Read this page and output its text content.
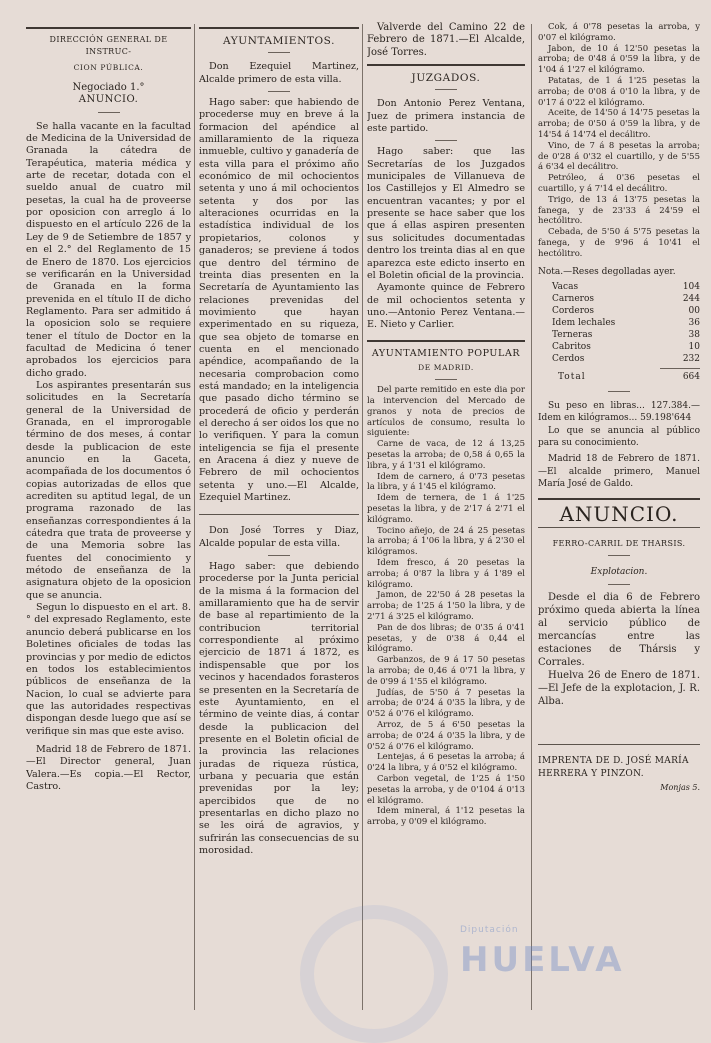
DIRECCIÓN GENERAL DE INSTRUC-
CION PÚBLICA.
Negociado 1.°
ANUNCIO.

Se halla vacante en la facultad de Medicina de la Universidad de Granada la cátedra de Terapéutica, materia médica y arte de recetar, dotada con el sueldo anual de cuatro mil pesetas, la cual ha de proveerse por oposicion con arreglo á lo dispuesto en el artículo 226 de la Ley de 9 de Setiembre de 1857 y en el 2.° del Reglamento de 15 de Enero de 1870. Los ejercicios se verificarán en la Universidad de Granada en la forma prevenida en el título II de dicho Reglamento. Para ser admitido á la oposicion solo se requiere tener el título de Doctor en la facultad de Medicina ó tener aprobados los ejercicios para dicho grado.

Los aspirantes presentarán sus solicitudes en la Secretaría general de la Universidad de Granada, en el improrogable término de dos meses, á contar desde la publicacion de este anuncio en la Gaceta, acompañada de los documentos ó copias autorizadas de ellos que acrediten su aptitud legal, de un programa razonado de las enseñanzas correspondientes á la cátedra que trata de proveerse y de una Memoria sobre las fuentes del conocimiento y método de enseñanza de la asignatura objeto de la oposicion que se anuncia.

Segun lo dispuesto en el art. 8.° del expresado Reglamento, este anuncio deberá publicarse en los Boletines oficiales de todas las provincias y por medio de edictos en todos los establecimientos públicos de enseñanza de la Nacion, lo cual se advierte para que las autoridades respectivas dispongan desde luego que así se verifique sin mas que este aviso.

Madrid 18 de Febrero de 1871.—El Director general, Juan Valera.—Es copia.—El Rector, Castro.

AYUNTAMIENTOS.

Don Ezequiel Martinez, Alcalde primero de esta villa.

Hago saber: que habiendo de procederse muy en breve á la formacion del apéndice al amillaramiento de la riqueza inmueble, cultivo y ganadería de esta villa para el próximo año económico de mil ochocientos setenta y uno á mil ochocientos setenta y dos por las alteraciones ocurridas en la estadística individual de los propietarios, colonos y ganaderos; se previene á todos que dentro del término de treinta dias presenten en la Secretaría de Ayuntamiento las relaciones prevenidas del movimiento que hayan experimentado en su riqueza, que sea objeto de tomarse en cuenta en el mencionado apéndice, acompañando de la necesaria comprobacion como está mandado; en la inteligencia que pasado dicho término se procederá de oficio y perderán el derecho á ser oidos los que no lo verifiquen. Y para la comun inteligencia se fija el presente en Aracena á diez y nueve de Febrero de mil ochocientos setenta y uno.—El Alcalde, Ezequiel Martinez.

Don José Torres y Diaz, Alcalde popular de esta villa.

Hago saber: que debiendo procederse por la Junta pericial de la misma á la formacion del amillaramiento que ha de servir de base al repartimiento de la contribucion territorial correspondiente al próximo ejercicio de 1871 á 1872, es indispensable que por los vecinos y hacendados forasteros se presenten en la Secretaría de este Ayuntamiento, en el término de veinte dias, á contar desde la publicacion del presente en el Boletin oficial de la provincia las relaciones juradas de riqueza rústica, urbana y pecuaria que están prevenidas por la ley; apercibidos que de no presentarlas en dicho plazo no se les oirá de agravios, y sufrirán las consecuencias de su morosidad.

Valverde del Camino 22 de Febrero de 1871.—El Alcalde, José Torres.

JUZGADOS.

Don Antonio Perez Ventana, Juez de primera instancia de este partido.

Hago saber: que las Secretarías de los Juzgados municipales de Villanueva de los Castillejos y El Almedro se encuentran vacantes; y por el presente se hace saber que los que á ellas aspiren presenten sus solicitudes documentadas dentro los treinta dias al en que aparezca este edicto inserto en el Boletin oficial de la provincia.

Ayamonte quince de Febrero de mil ochocientos setenta y uno.—Antonio Perez Ventana.—E. Nieto y Carlier.

AYUNTAMIENTO POPULAR
DE MADRID.

Del parte remitido en este dia por la intervencion del Mercado de granos y nota de precios de artículos de consumo, resulta lo siguiente:

Carne de vaca, de 12 á 13,25 pesetas la arroba; de 0,58 á 0,65 la libra, y á 1'31 el kilógramo.

Idem de carnero, á 0'73 pesetas la libra, y á 1'45 el kilógramo.

Idem de ternera, de 1 á 1'25 pesetas la libra, y de 2'17 á 2'71 el kilógramo.

Tocino añejo, de 24 á 25 pesetas la arroba; á 1'06 la libra, y á 2'30 el kilógramos.

Idem fresco, á 20 pesetas la arroba; á 0'87 la libra y á 1'89 el kilógramo.

Jamon, de 22'50 á 28 pesetas la arroba; de 1'25 á 1'50 la libra, y de 2'71 á 3'25 el kilógramo.

Pan de dos libras; de 0'35 á 0'41 pesetas, y de 0'38 á 0,44 el kilógramo.

Garbanzos, de 9 á 17 50 pesetas la arroba; de 0,46 á 0'71 la libra, y de 0'99 á 1'55 el kilógramo.

Judías, de 5'50 á 7 pesetas la arroba; de 0'24 á 0'35 la libra, y de 0'52 á 0'76 el kilógramo.

Arroz, de 5 á 6'50 pesetas la arroba; de 0'24 á 0'35 la libra, y de 0'52 á 0'76 el kilógramo.

Lentejas, á 6 pesetas la arroba; á 0'24 la libra, y á 0'52 el kilógramo.

Carbon vegetal, de 1'25 á 1'50 pesetas la arroba, y de 0'104 á 0'13 el kilógramo.

Idem mineral, á 1'12 pesetas la arroba, y 0'09 el kilógramo.

Cok, á 0'78 pesetas la arroba, y 0'07 el kilógramo.

Jabon, de 10 á 12'50 pesetas la arroba; de 0'48 á 0'59 la libra, y de 1'04 á 1'27 el kilógramo.

Patatas, de 1 á 1'25 pesetas la arroba; de 0'08 á 0'10 la libra, y de 0'17 á 0'22 el kilógramo.

Aceite, de 14'50 á 14'75 pesetas la arroba; de 0'50 á 0'59 la libra, y de 14'54 á 14'74 el decálitro.

Vino, de 7 á 8 pesetas la arroba; de 0'28 á 0'32 el cuartillo, y de 5'55 á 6'34 el decálitro.

Petróleo, á 0'36 pesetas el cuartillo, y á 7'14 el decálitro.

Trigo, de 13 á 13'75 pesetas la fanega, y de 23'33 á 24'59 el hectólitro.

Cebada, de 5'50 á 5'75 pesetas la fanega, y de 9'96 á 10'41 el hectólitro.

Nota.—Reses degolladas ayer.
Vacas	104
Carneros	244
Corderos	00
Idem lechales	36
Terneras	38
Cabritos	10
Cerdos	232
Total	664

Su peso en libras... 127.384.—Idem en kilógramos... 59.198'644

Lo que se anuncia al público para su conocimiento.

Madrid 18 de Febrero de 1871.—El alcalde primero, Manuel María José de Galdo.

ANUNCIO.
FERRO-CARRIL DE THARSIS.
Explotacion.

Desde el dia 6 de Febrero próximo queda abierta la línea al servicio público de mercancías entre las estaciones de Thársis y Corrales.

Huelva 26 de Enero de 1871.—El Jefe de la explotacion, J. R. Alba.

IMPRENTA DE D. JOSÉ MARÍA HERRERA Y PINZON.

Monjas 5.

Diputación
HUELVA
